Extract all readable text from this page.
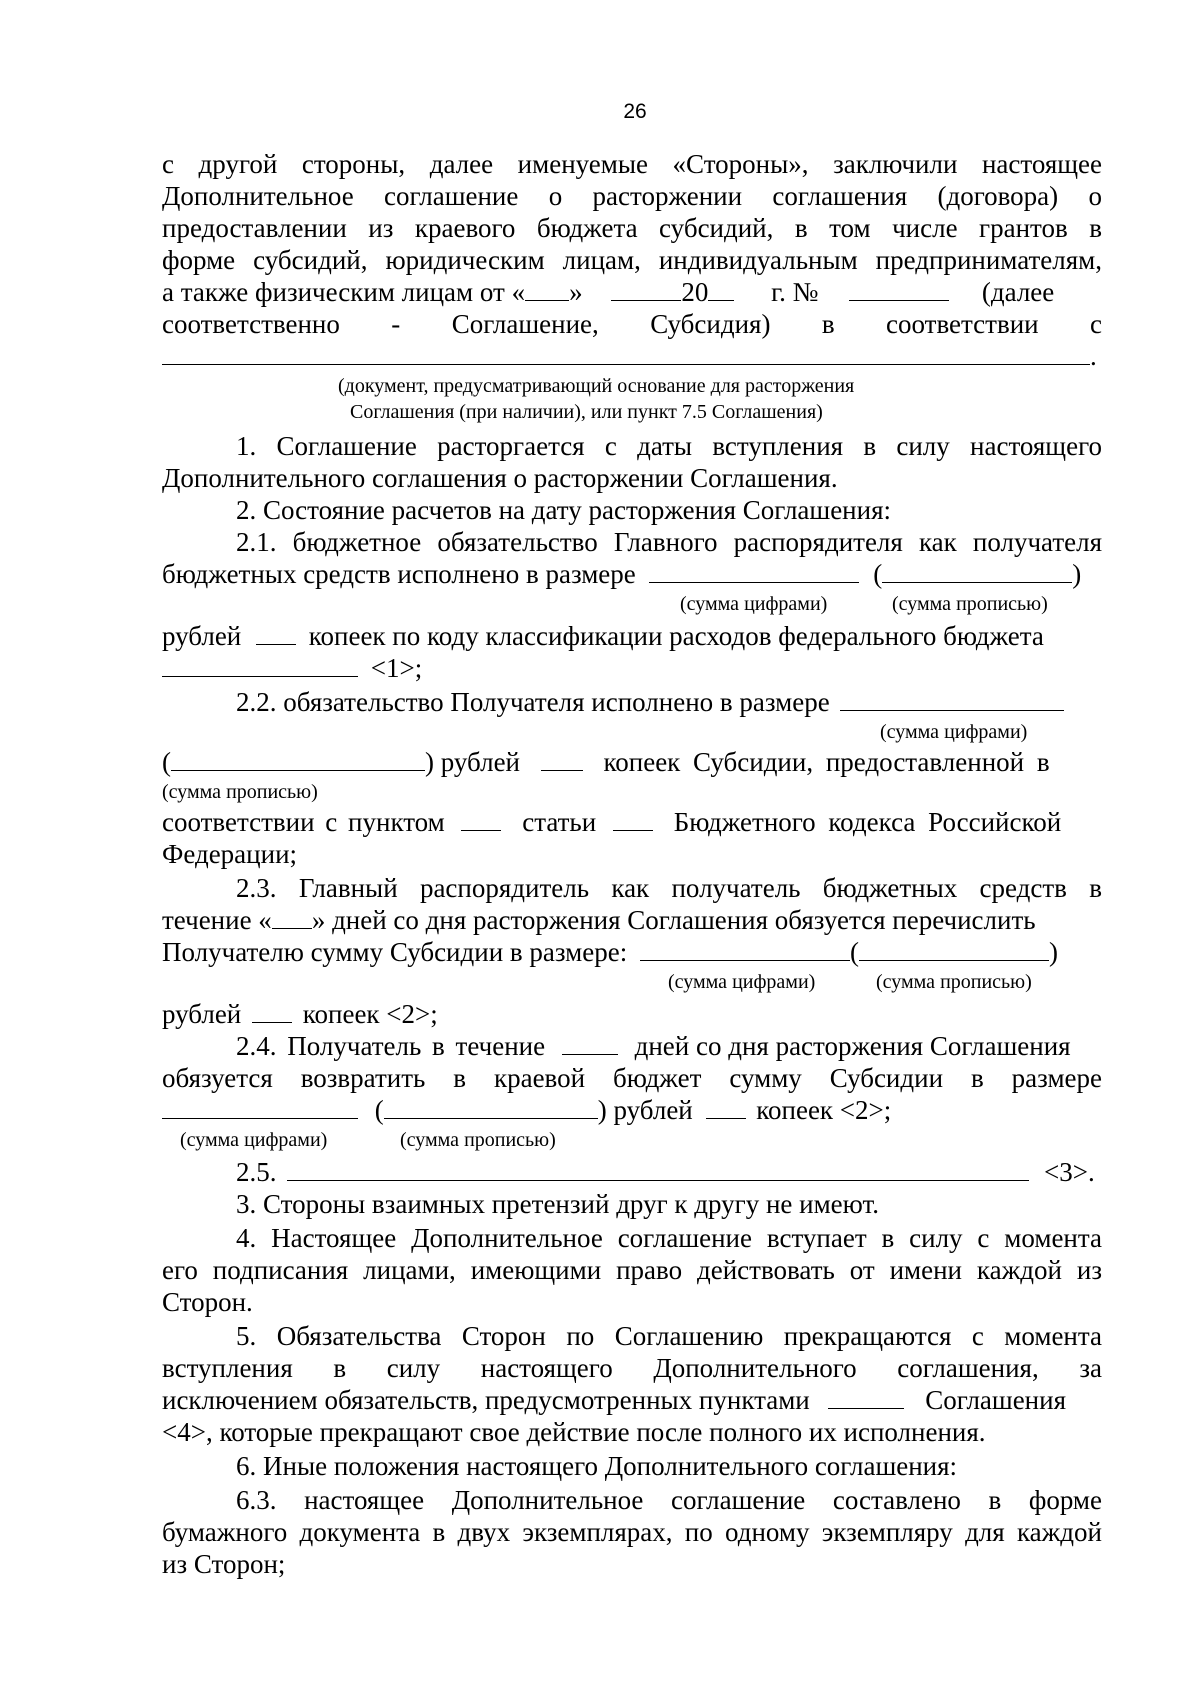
26
с другой стороны, далее именуемые «Стороны», заключили настоящее
Дополнительное соглашение о расторжении соглашения (договора) о
предоставлении из краевого бюджета субсидий, в том числе грантов в
форме субсидий, юридическим лицам, индивидуальным предпринимателям,
а также физическим лицам от « »	20 г. №	(далее
соответственно - Соглашение, Субсидия) в соответствии с
.
(документ, предусматривающий основание для расторжения
Соглашения (при наличии), или пункт 7.5 Соглашения)
1. Соглашение расторгается с даты вступления в силу настоящего
Дополнительного соглашения о расторжении Соглашения.
2. Состояние расчетов на дату расторжения Соглашения:
2.1. бюджетное обязательство Главного распорядителя как получателя
бюджетных средств исполнено в размере	(	)
(сумма цифрами)	(сумма прописью)
рублей	копеек по коду классификации расходов федерального бюджета
<1>;
2.2. обязательство Получателя исполнено в размере
(сумма цифрами)
(	) рублей	копеек Субсидии, предоставленной в
(сумма прописью)
соответствии с пунктом	статьи	Бюджетного кодекса Российской
Федерации;
2.3. Главный распорядитель как получатель бюджетных средств в
течение « » дней со дня расторжения Соглашения обязуется перечислить
Получателю сумму Субсидии в размере:	(	)
(сумма цифрами)	(сумма прописью)
рублей копеек <2>;
2.4. Получатель в течение	дней со дня расторжения Соглашения
обязуется возвратить в краевой бюджет сумму Субсидии в размере
(	) рублей копеек <2>;
(сумма цифрами)	(сумма прописью)
2.5.	<3>.
3. Стороны взаимных претензий друг к другу не имеют.
4. Настоящее Дополнительное соглашение вступает в силу с момента
его подписания лицами, имеющими право действовать от имени каждой из
Сторон.
5. Обязательства Сторон по Соглашению прекращаются с момента
вступления в силу настоящего Дополнительного соглашения, за
исключением обязательств, предусмотренных пунктами	Соглашения
<4>, которые прекращают свое действие после полного их исполнения.
6. Иные положения настоящего Дополнительного соглашения:
6.3. настоящее Дополнительное соглашение составлено в форме
бумажного документа в двух экземплярах, по одному экземпляру для каждой
из Сторон;
